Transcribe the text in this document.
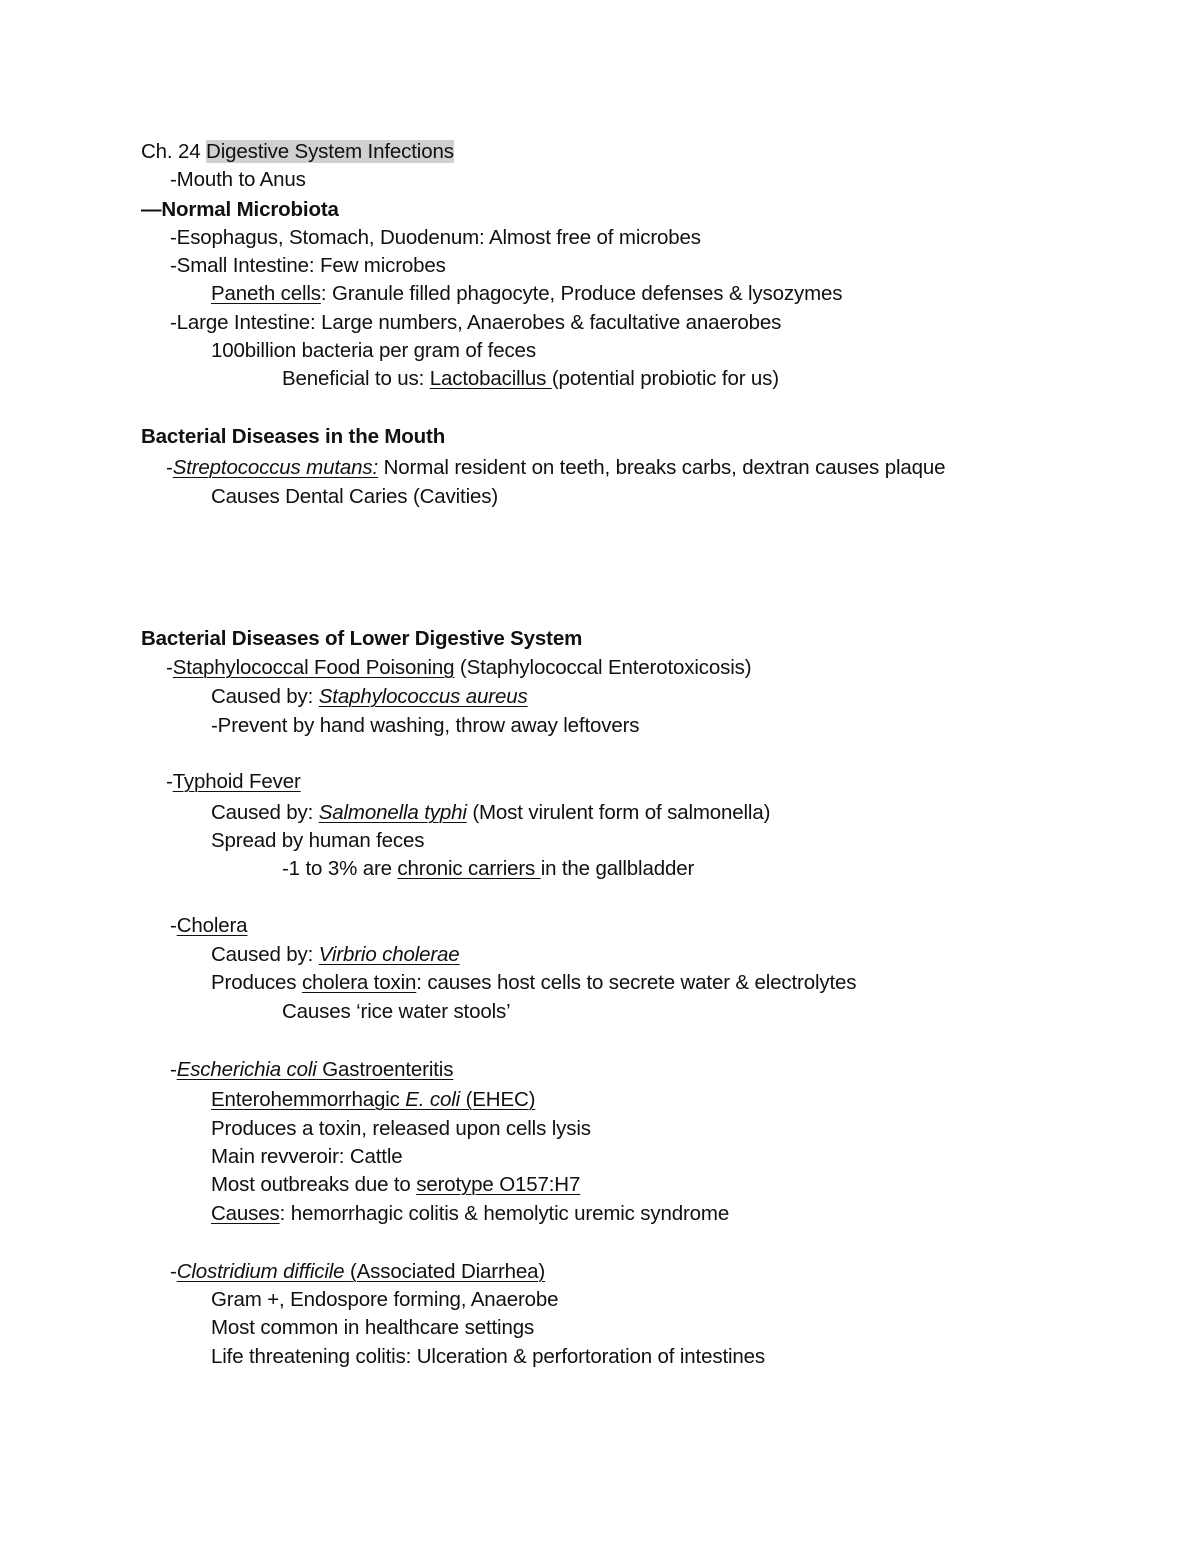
Ch. 24 Digestive System Infections
-Mouth to Anus
—Normal Microbiota
-Esophagus, Stomach, Duodenum: Almost free of microbes
-Small Intestine: Few microbes
Paneth cells: Granule filled phagocyte, Produce defenses & lysozymes
-Large Intestine: Large numbers, Anaerobes & facultative anaerobes
100billion bacteria per gram of feces
Beneficial to us: Lactobacillus (potential probiotic for us)
Bacterial Diseases in the Mouth
-Streptococcus mutans: Normal resident on teeth, breaks carbs, dextran causes plaque
Causes Dental Caries (Cavities)
Bacterial Diseases of Lower Digestive System
-Staphylococcal Food Poisoning (Staphylococcal Enterotoxicosis)
Caused by: Staphylococcus aureus
-Prevent by hand washing, throw away leftovers
-Typhoid Fever
Caused by: Salmonella typhi (Most virulent form of salmonella)
Spread by human feces
-1 to 3% are chronic carriers in the gallbladder
-Cholera
Caused by: Virbrio cholerae
Produces cholera toxin: causes host cells to secrete water & electrolytes
Causes ‘rice water stools’
-Escherichia coli Gastroenteritis
Enterohemmorrhagic E. coli (EHEC)
Produces a toxin, released upon cells lysis
Main revveroir: Cattle
Most outbreaks due to serotype O157:H7
Causes: hemorrhagic colitis & hemolytic uremic syndrome
-Clostridium difficile (Associated Diarrhea)
Gram +, Endospore forming, Anaerobe
Most common in healthcare settings
Life threatening colitis: Ulceration & perfortoration of intestines
